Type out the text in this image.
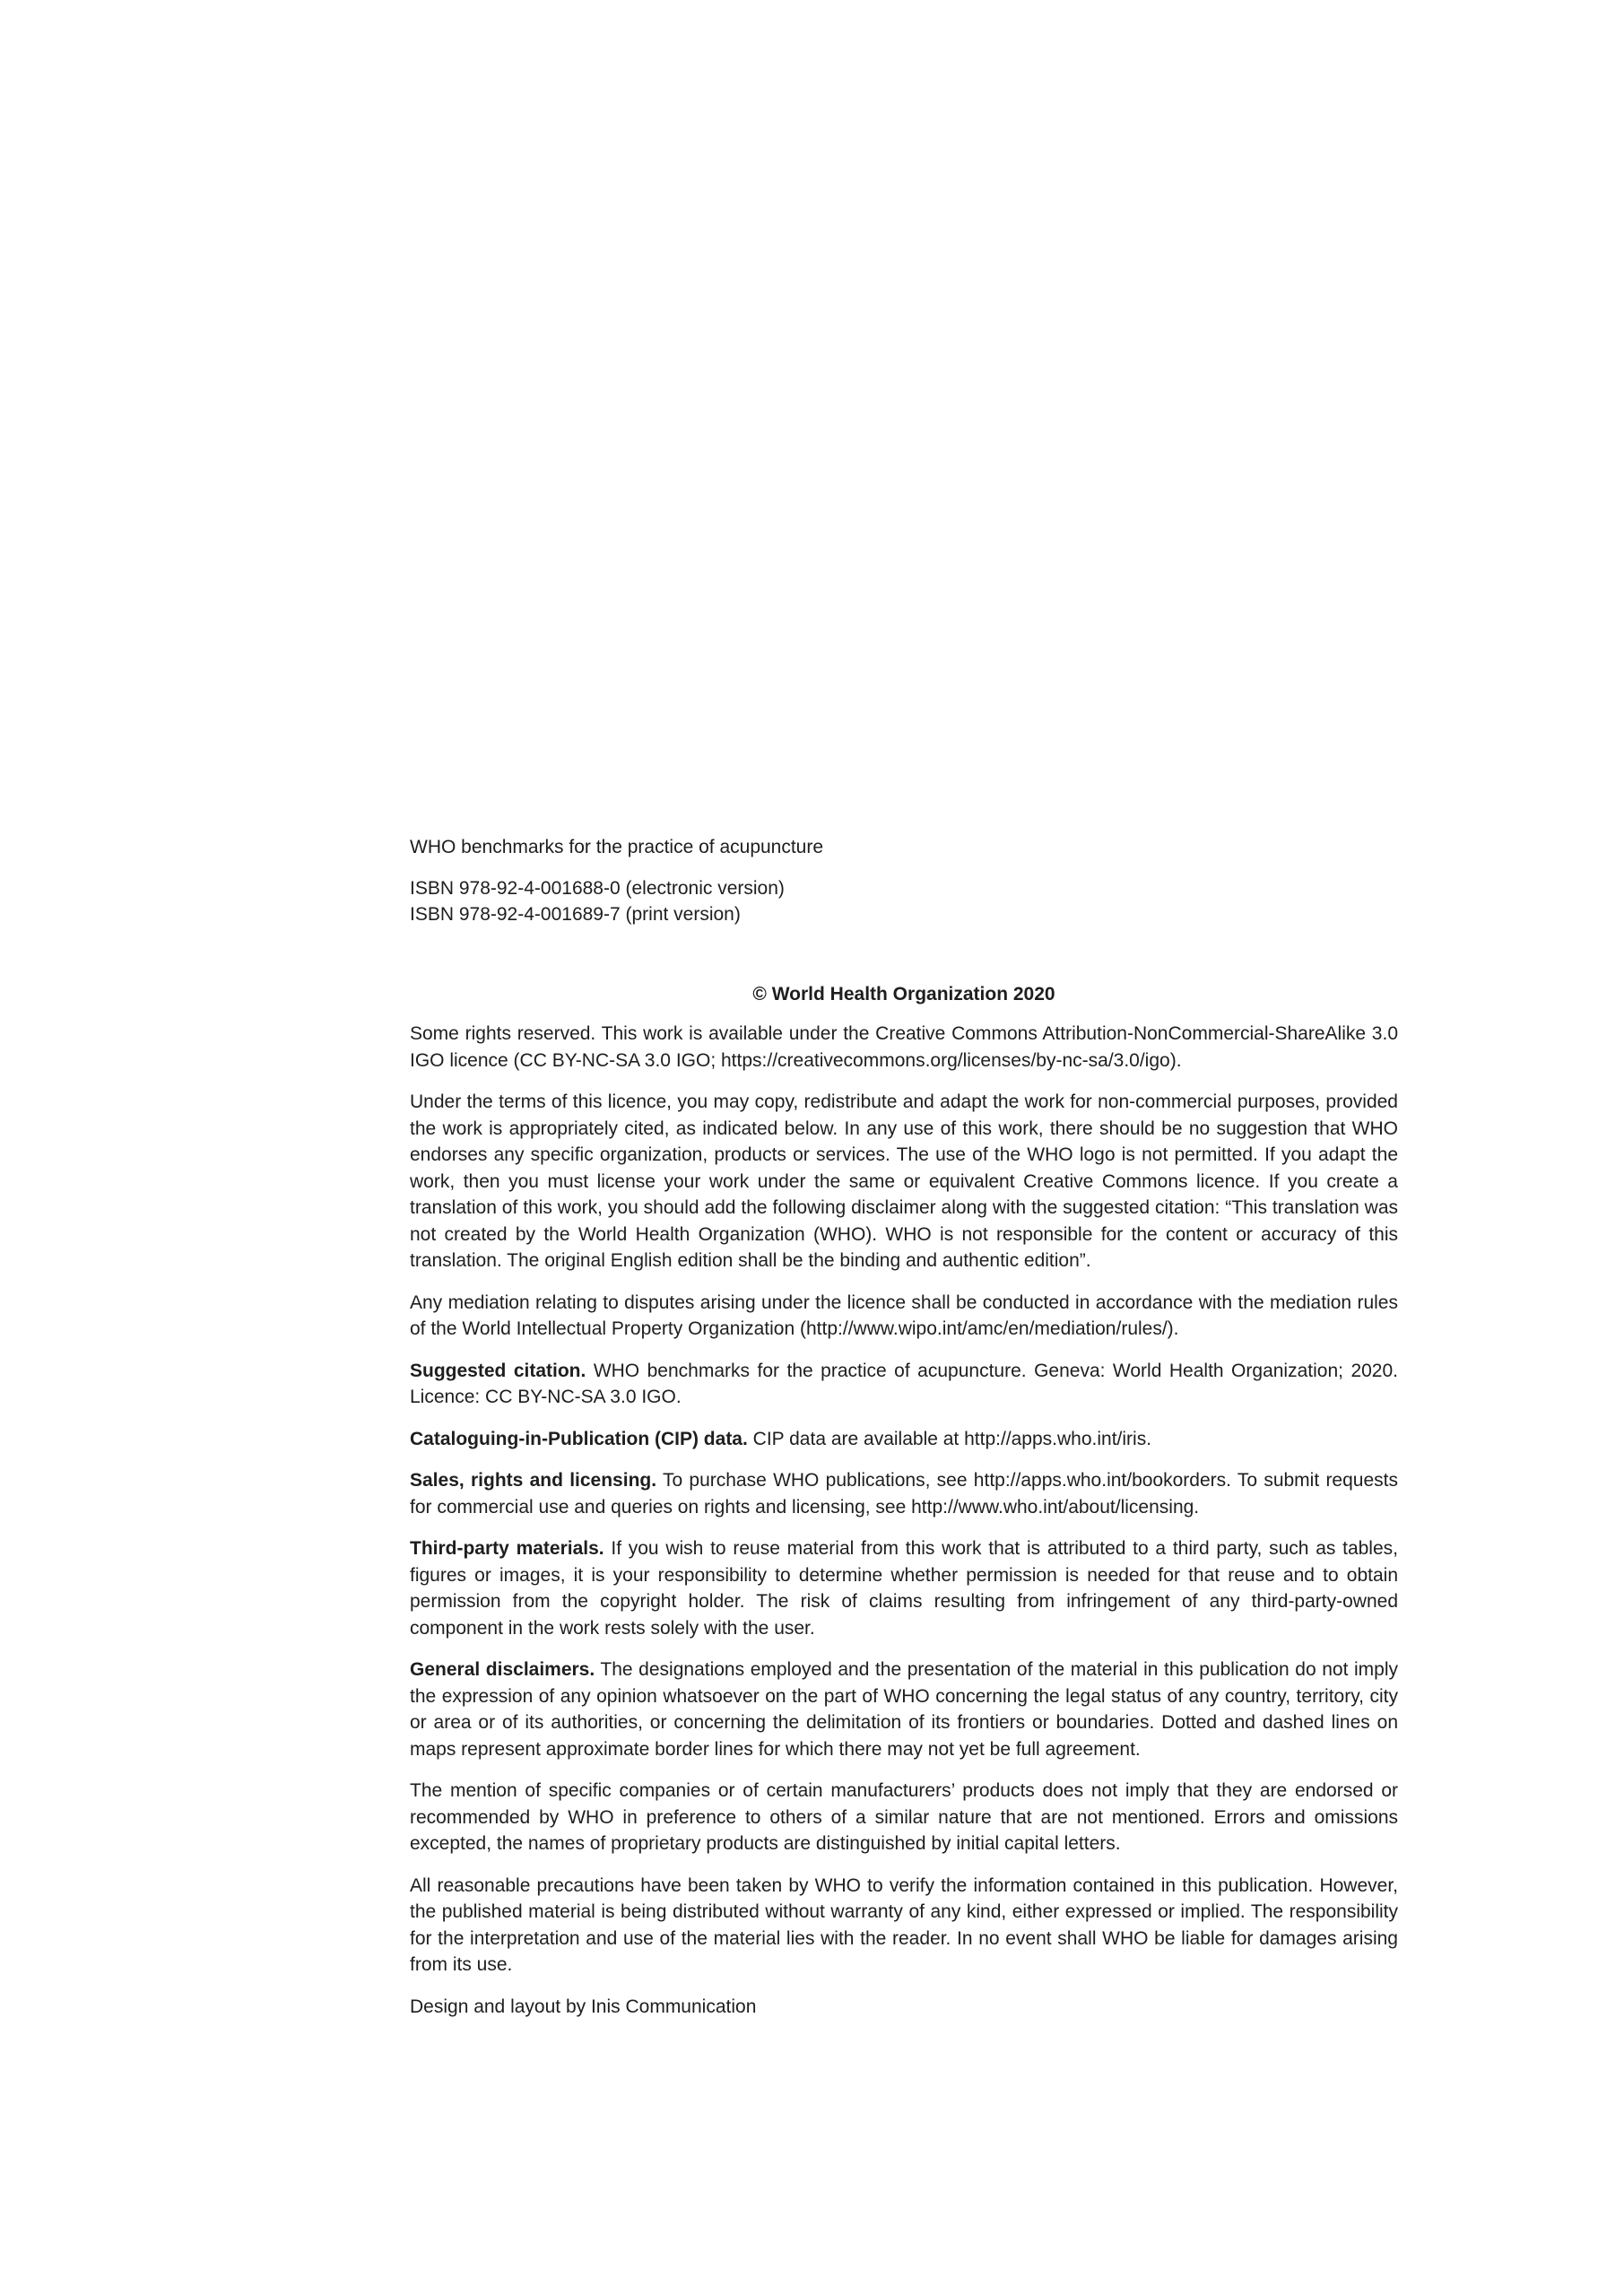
WHO benchmarks for the practice of acupuncture

ISBN 978-92-4-001688-0 (electronic version)
ISBN 978-92-4-001689-7 (print version)

© World Health Organization 2020

Some rights reserved. This work is available under the Creative Commons Attribution-NonCommercial-ShareAlike 3.0 IGO licence (CC BY-NC-SA 3.0 IGO; https://creativecommons.org/licenses/by-nc-sa/3.0/igo).

Under the terms of this licence, you may copy, redistribute and adapt the work for non-commercial purposes, provided the work is appropriately cited, as indicated below. In any use of this work, there should be no suggestion that WHO endorses any specific organization, products or services. The use of the WHO logo is not permitted. If you adapt the work, then you must license your work under the same or equivalent Creative Commons licence. If you create a translation of this work, you should add the following disclaimer along with the suggested citation: “This translation was not created by the World Health Organization (WHO). WHO is not responsible for the content or accuracy of this translation. The original English edition shall be the binding and authentic edition”.

Any mediation relating to disputes arising under the licence shall be conducted in accordance with the mediation rules of the World Intellectual Property Organization (http://www.wipo.int/amc/en/mediation/rules/).

Suggested citation. WHO benchmarks for the practice of acupuncture. Geneva: World Health Organization; 2020. Licence: CC BY-NC-SA 3.0 IGO.

Cataloguing-in-Publication (CIP) data. CIP data are available at http://apps.who.int/iris.

Sales, rights and licensing. To purchase WHO publications, see http://apps.who.int/bookorders. To submit requests for commercial use and queries on rights and licensing, see http://www.who.int/about/licensing.

Third-party materials. If you wish to reuse material from this work that is attributed to a third party, such as tables, figures or images, it is your responsibility to determine whether permission is needed for that reuse and to obtain permission from the copyright holder. The risk of claims resulting from infringement of any third-party-owned component in the work rests solely with the user.

General disclaimers. The designations employed and the presentation of the material in this publication do not imply the expression of any opinion whatsoever on the part of WHO concerning the legal status of any country, territory, city or area or of its authorities, or concerning the delimitation of its frontiers or boundaries. Dotted and dashed lines on maps represent approximate border lines for which there may not yet be full agreement.

The mention of specific companies or of certain manufacturers’ products does not imply that they are endorsed or recommended by WHO in preference to others of a similar nature that are not mentioned. Errors and omissions excepted, the names of proprietary products are distinguished by initial capital letters.

All reasonable precautions have been taken by WHO to verify the information contained in this publication. However, the published material is being distributed without warranty of any kind, either expressed or implied. The responsibility for the interpretation and use of the material lies with the reader. In no event shall WHO be liable for damages arising from its use.

Design and layout by Inis Communication
